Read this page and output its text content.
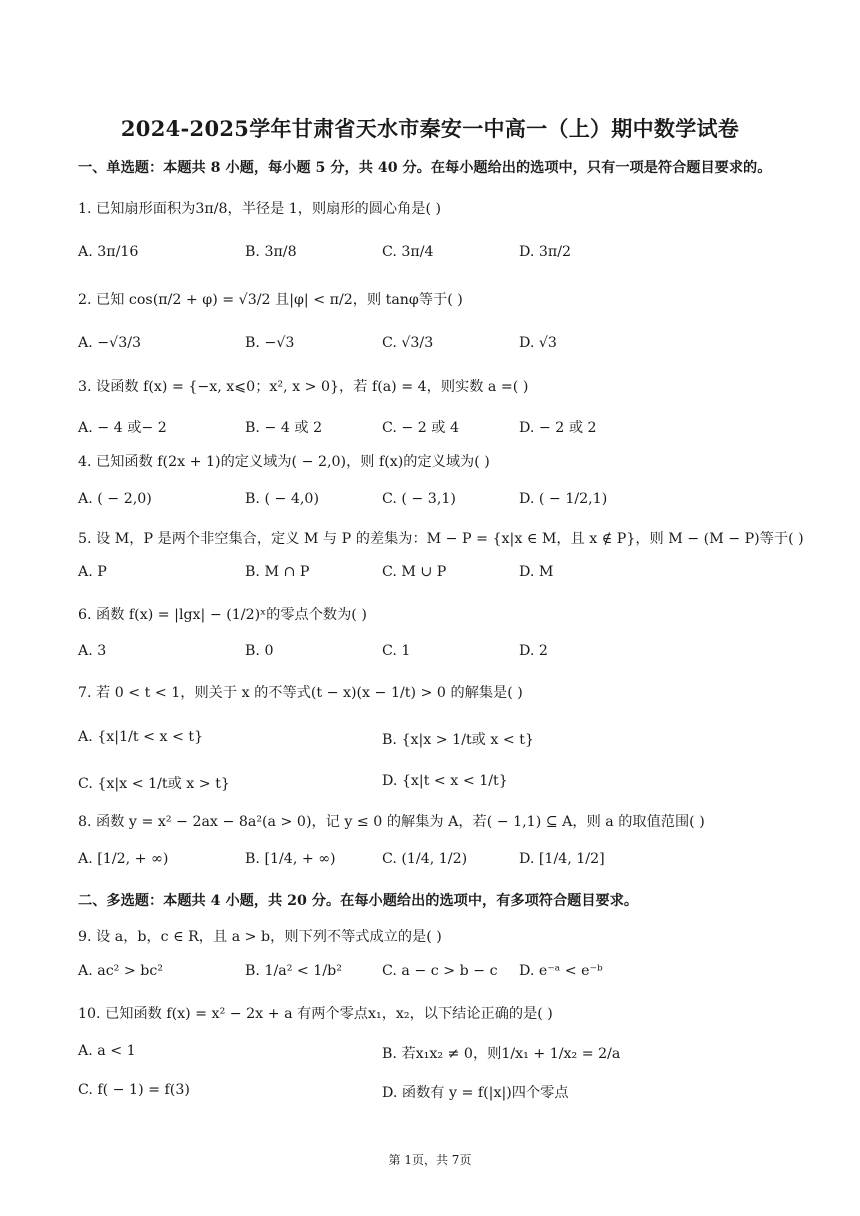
2024-2025学年甘肃省天水市秦安一中高一（上）期中数学试卷
一、单选题：本题共 8 小题，每小题 5 分，共 40 分。在每小题给出的选项中，只有一项是符合题目要求的。
1. 已知扇形面积为3π/8，半径是 1，则扇形的圆心角是( )
A. 3π/16	B. 3π/8	C. 3π/4	D. 3π/2
2. 已知 cos(π/2 + φ) = √3/2 且|φ| < π/2，则 tanφ等于( )
A. −√3/3	B. −√3	C. √3/3	D. √3
3. 设函数 f(x) = {−x, x⩽0；x², x > 0}，若 f(a) = 4，则实数 a =( )
A. − 4 或− 2	B. − 4 或 2	C. − 2 或 4	D. − 2 或 2
4. 已知函数 f(2x + 1)的定义域为( − 2,0)，则 f(x)的定义域为( )
A. ( − 2,0)	B. ( − 4,0)	C. ( − 3,1)	D. ( − 1/2,1)
5. 设 M，P 是两个非空集合，定义 M 与 P 的差集为：M − P = {x|x ∈ M，且 x ∉ P}，则 M − (M − P)等于( )
A. P	B. M ∩ P	C. M ∪ P	D. M
6. 函数 f(x) = |lgx| − (1/2)ˣ的零点个数为( )
A. 3	B. 0	C. 1	D. 2
7. 若 0 < t < 1，则关于 x 的不等式(t − x)(x − 1/t) > 0 的解集是( )
A. {x|1/t < x < t}	B. {x|x > 1/t或 x < t}
C. {x|x < 1/t或 x > t}	D. {x|t < x < 1/t}
8. 函数 y = x² − 2ax − 8a²(a > 0)，记 y ≤ 0 的解集为 A，若( − 1,1) ⊆ A，则 a 的取值范围( )
A. [1/2, + ∞)	B. [1/4, + ∞)	C. (1/4, 1/2)	D. [1/4, 1/2]
二、多选题：本题共 4 小题，共 20 分。在每小题给出的选项中，有多项符合题目要求。
9. 设 a，b，c ∈ R，且 a > b，则下列不等式成立的是( )
A. ac² > bc²	B. 1/a² < 1/b²	C. a − c > b − c D. e⁻ᵃ < e⁻ᵇ
10. 已知函数 f(x) = x² − 2x + a 有两个零点x₁，x₂，以下结论正确的是( )
A. a < 1	B. 若x₁x₂ ≠ 0，则1/x₁ + 1/x₂ = 2/a
C. f( − 1) = f(3)	D. 函数有 y = f(|x|)四个零点
第 1页，共 7页
